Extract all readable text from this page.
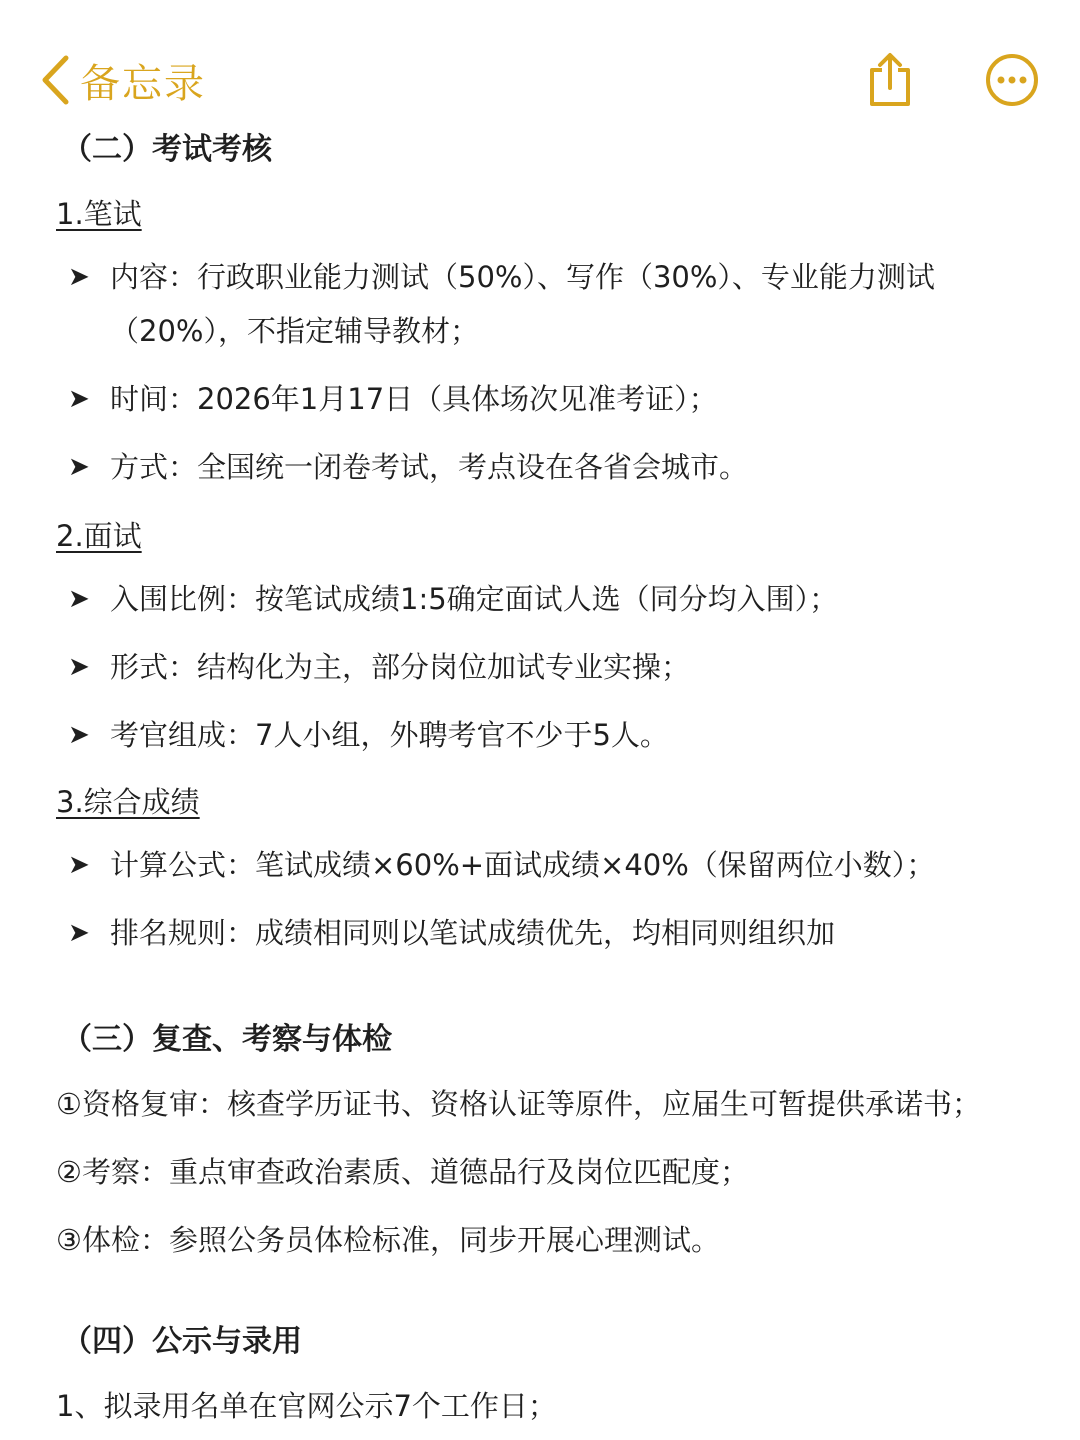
备忘录
（二）考试考核
1.笔试
➤ 内容：行政职业能力测试（50%）、写作（30%）、专业能力测试（20%），不指定辅导教材；
➤ 时间：2026年1月17日（具体场次见准考证）；
➤ 方式：全国统一闭卷考试，考点设在各省会城市。
2.面试
➤ 入围比例：按笔试成绩1:5确定面试人选（同分均入围）；
➤ 形式：结构化为主，部分岗位加试专业实操；
➤ 考官组成：7人小组，外聘考官不少于5人。
3.综合成绩
➤ 计算公式：笔试成绩×60%+面试成绩×40%（保留两位小数）；
➤ 排名规则：成绩相同则以笔试成绩优先，均相同则组织加
（三）复查、考察与体检
①资格复审：核查学历证书、资格认证等原件，应届生可暂提供承诺书；
②考察：重点审查政治素质、道德品行及岗位匹配度；
③体检：参照公务员体检标准，同步开展心理测试。
（四）公示与录用
1、拟录用名单在官网公示7个工作日；
